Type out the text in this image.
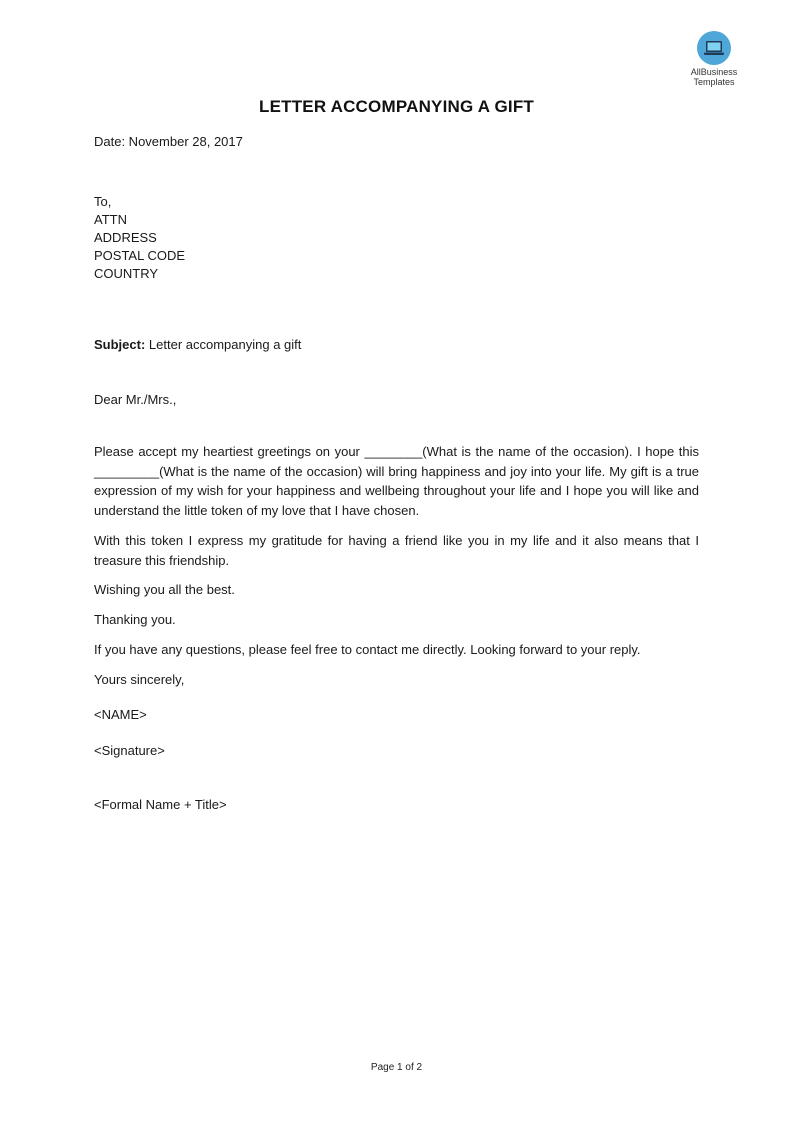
AllBusiness
Templates
LETTER ACCOMPANYING A GIFT
Date: November 28, 2017
To,
ATTN
ADDRESS
POSTAL CODE
COUNTRY
Subject: Letter accompanying a gift
Dear Mr./Mrs.,
Please accept my heartiest greetings on your ________(What is the name of the occasion). I hope this _________(What is the name of the occasion) will bring happiness and joy into your life. My gift is a true expression of my wish for your happiness and wellbeing throughout your life and I hope you will like and understand the little token of my love that I have chosen.
With this token I express my gratitude for having a friend like you in my life and it also means that I treasure this friendship.
Wishing you all the best.
Thanking you.
If you have any questions, please feel free to contact me directly. Looking forward to your reply.
Yours sincerely,
<NAME>
<Signature>
<Formal Name + Title>
Page 1 of 2
